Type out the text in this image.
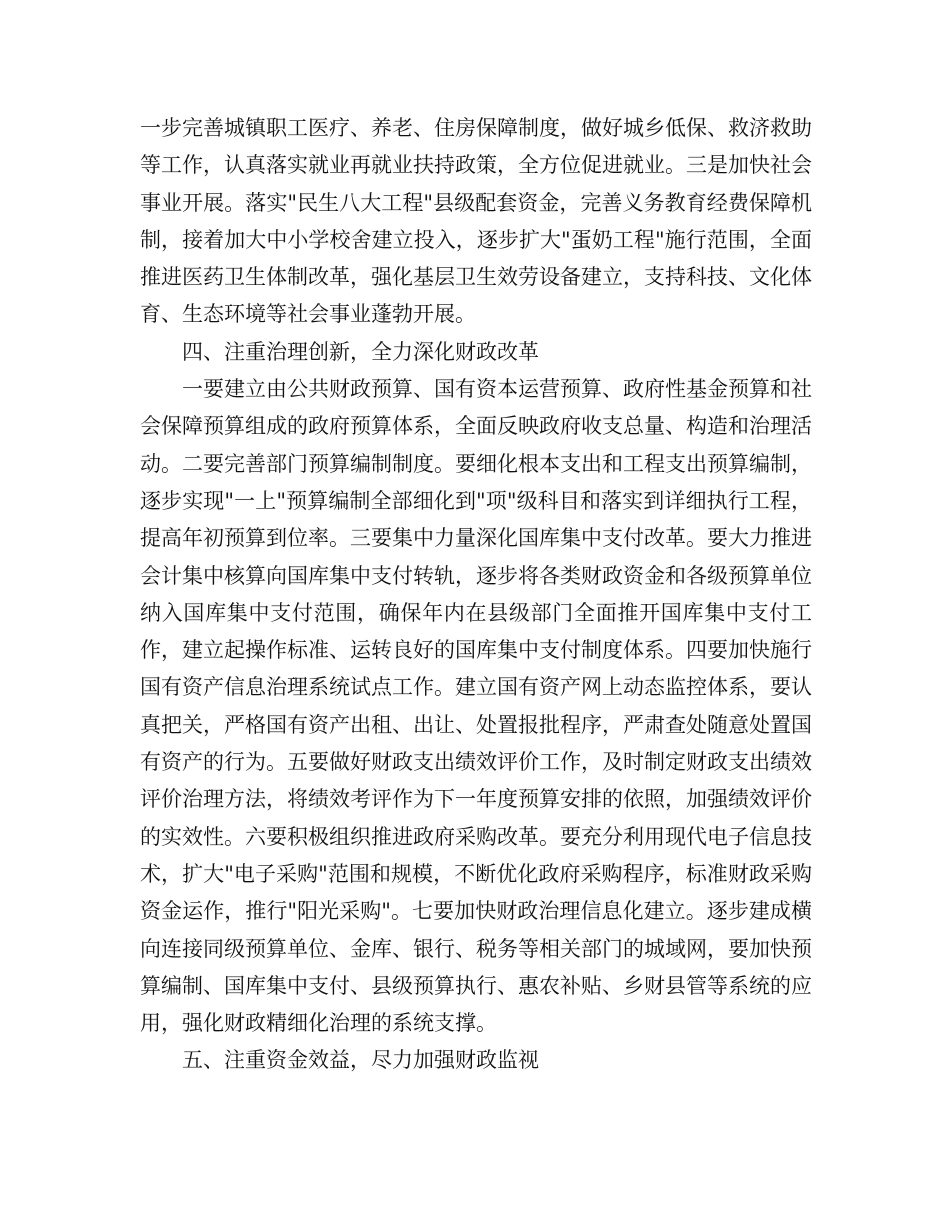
一步完善城镇职工医疗、养老、住房保障制度，做好城乡低保、救济救助等工作，认真落实就业再就业扶持政策，全方位促进就业。三是加快社会事业开展。落实"民生八大工程"县级配套资金，完善义务教育经费保障机制，接着加大中小学校舍建立投入，逐步扩大"蛋奶工程"施行范围，全面推进医药卫生体制改革，强化基层卫生效劳设备建立，支持科技、文化体育、生态环境等社会事业蓬勃开展。

四、注重治理创新，全力深化财政改革

一要建立由公共财政预算、国有资本运营预算、政府性基金预算和社会保障预算组成的政府预算体系，全面反映政府收支总量、构造和治理活动。二要完善部门预算编制制度。要细化根本支出和工程支出预算编制，逐步实现"一上"预算编制全部细化到"项"级科目和落实到详细执行工程，提高年初预算到位率。三要集中力量深化国库集中支付改革。要大力推进会计集中核算向国库集中支付转轨，逐步将各类财政资金和各级预算单位纳入国库集中支付范围，确保年内在县级部门全面推开国库集中支付工作，建立起操作标准、运转良好的国库集中支付制度体系。四要加快施行国有资产信息治理系统试点工作。建立国有资产网上动态监控体系，要认真把关，严格国有资产出租、出让、处置报批程序，严肃查处随意处置国有资产的行为。五要做好财政支出绩效评价工作，及时制定财政支出绩效评价治理方法，将绩效考评作为下一年度预算安排的依照，加强绩效评价的实效性。六要积极组织推进政府采购改革。要充分利用现代电子信息技术，扩大"电子采购"范围和规模，不断优化政府采购程序，标准财政采购资金运作，推行"阳光采购"。七要加快财政治理信息化建立。逐步建成横向连接同级预算单位、金库、银行、税务等相关部门的城域网，要加快预算编制、国库集中支付、县级预算执行、惠农补贴、乡财县管等系统的应用，强化财政精细化治理的系统支撑。

五、注重资金效益，尽力加强财政监视
